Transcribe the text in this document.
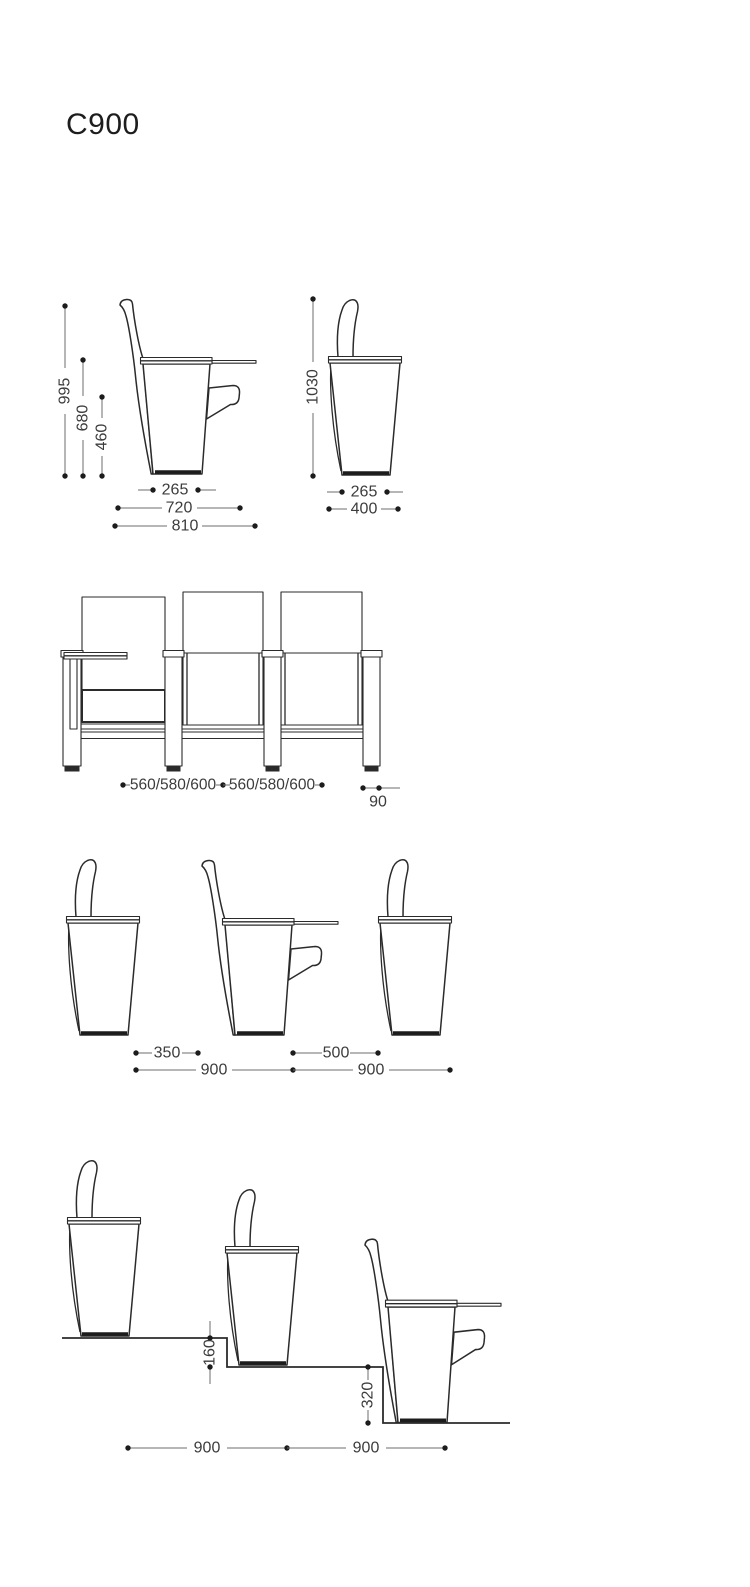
C900
995
680
460
265
720
810
1030
265
400
560/580/600 560/580/600
90
350	500
900	900
160
320
900	900
